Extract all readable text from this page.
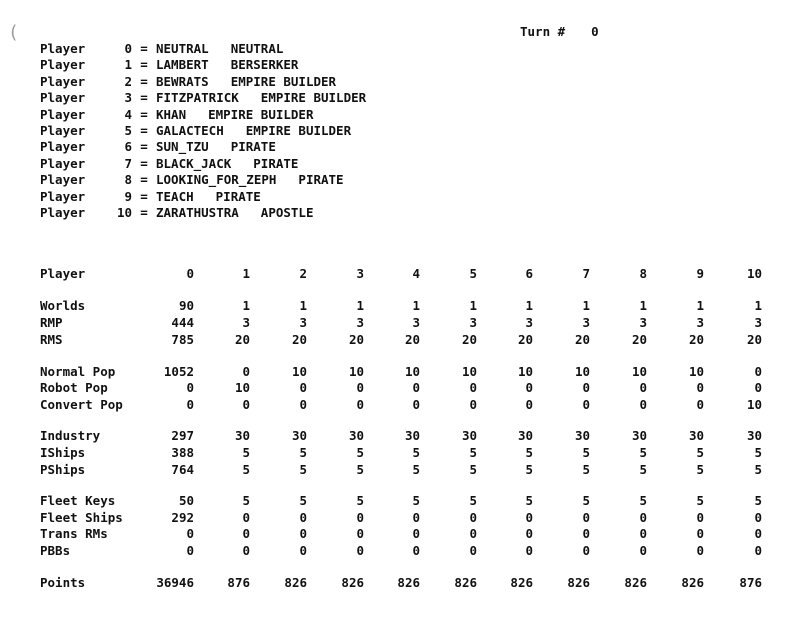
(	Turn # 0
Player	0 = NEUTRAL NEUTRAL
Player	1 = LAMBERT BERSERKER
Player	2 = BEWRATS EMPIRE BUILDER
Player	3 = FITZPATRICK EMPIRE BUILDER
Player	4 = KHAN EMPIRE BUILDER
Player	5 = GALACTECH EMPIRE BUILDER
Player	6 = SUN_TZU PIRATE
Player	7 = BLACK_JACK PIRATE
Player	8 = LOOKING_FOR_ZEPH PIRATE
Player	9 = TEACH PIRATE
Player	10 = ZARATHUSTRA APOSTLE
Player	0	1	2	3	4	5	6	7	8	9	10
Worlds	90	1	1	1	1	1	1	1	1	1	1
RMP	444	3	3	3	3	3	3	3	3	3	3
RMS	785	20	20	20	20	20	20	20	20	20	20
Normal Pop	1052	0	10	10	10	10	10	10	10	10	0
Robot Pop	0	10	0	0	0	0	0	0	0	0	0
Convert Pop	0	0	0	0	0	0	0	0	0	0	10
Industry	297	30	30	30	30	30	30	30	30	30	30
IShips	388	5	5	5	5	5	5	5	5	5	5
PShips	764	5	5	5	5	5	5	5	5	5	5
Fleet Keys	50	5	5	5	5	5	5	5	5	5	5
Fleet Ships	292	0	0	0	0	0	0	0	0	0	0
Trans RMs	0	0	0	0	0	0	0	0	0	0	0
PBBs	0	0	0	0	0	0	0	0	0	0	0
Points	36946	876	826	826	826	826	826	826	826	826	876
